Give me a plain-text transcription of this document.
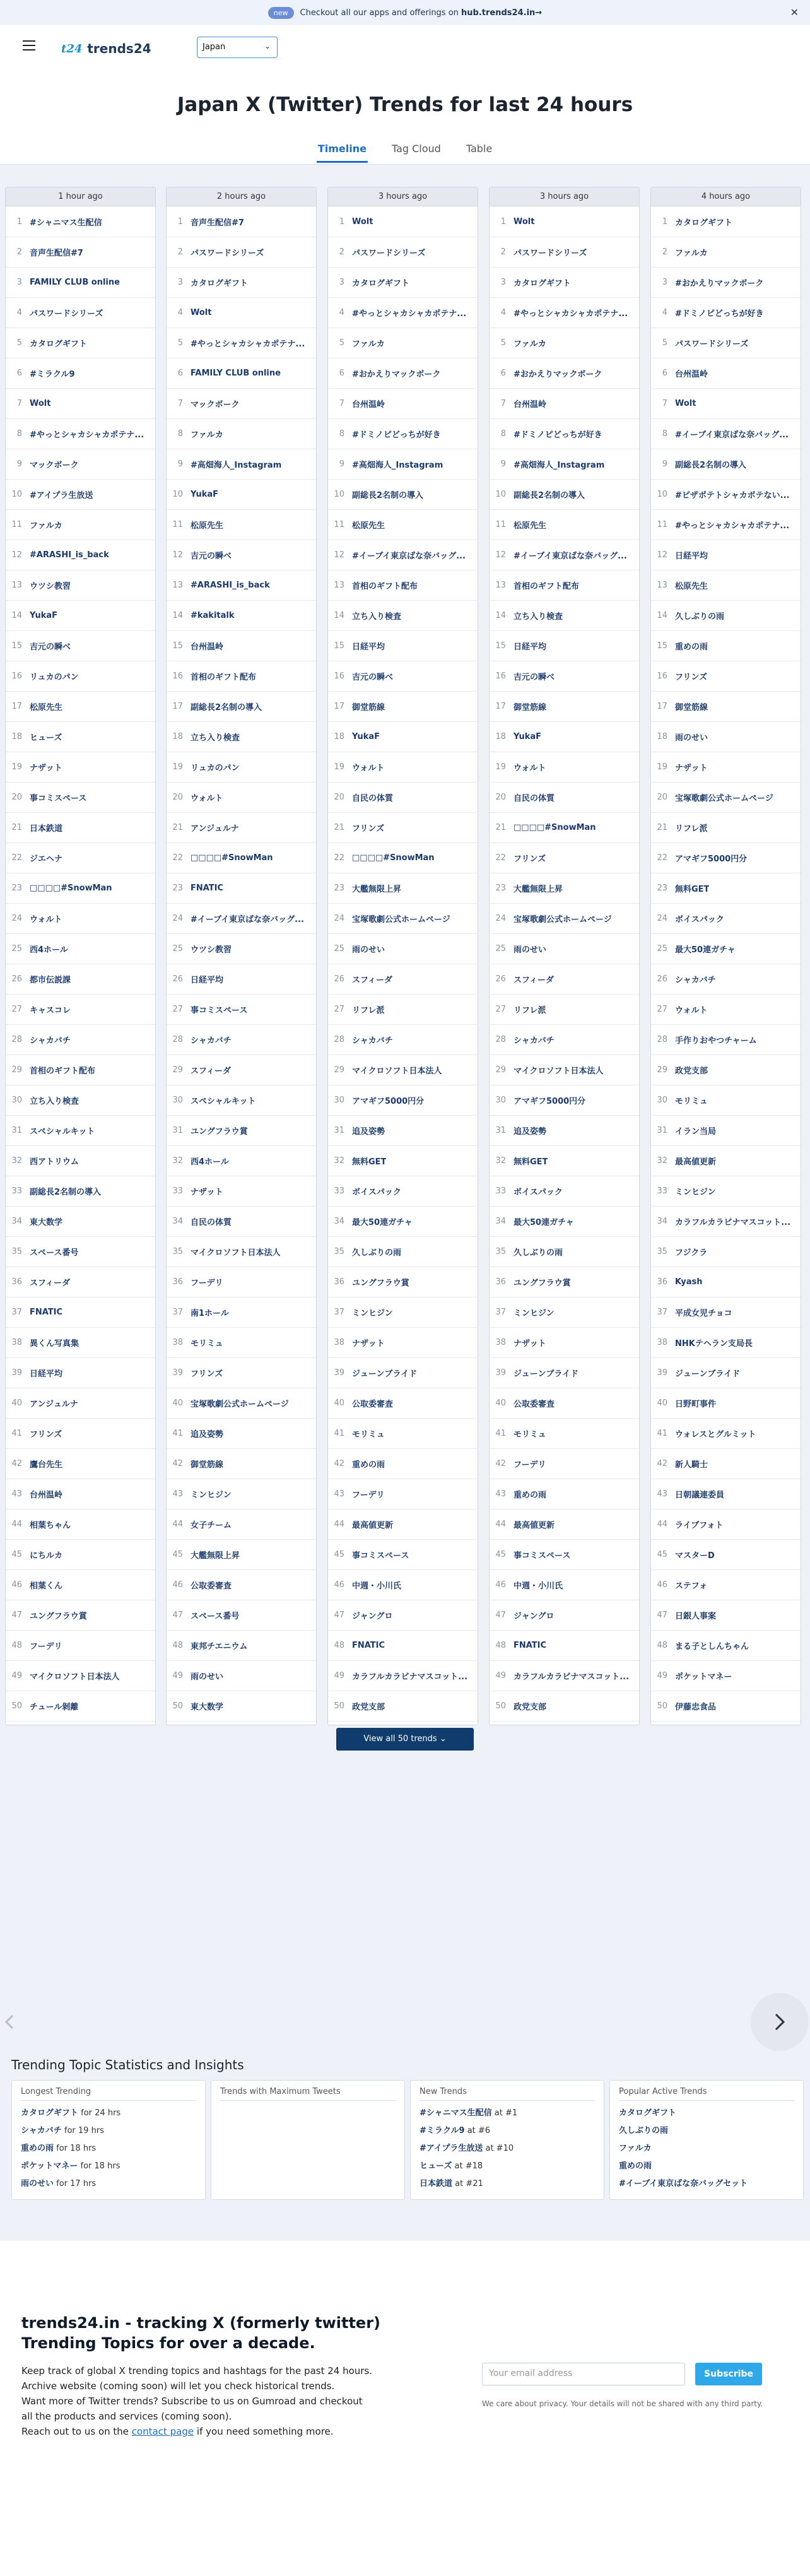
new	Checkout all our apps and offerings on hub.trends24.in→	✕
t24 trends24	Japan	⌄
Japan X (Twitter) Trends for last 24 hours
Timeline	Tag Cloud	Table
1 hour ago
1 #シャニマス生配信
2 音声生配信#7
3 FAMILY CLUB online
4 パスワードシリーズ
5 カタログギフト
6 #ミラクル9
7 Wolt
8 #やっとシャカシャカポテナ...
9 マックボーク
10 #アイプラ生放送
11 ファルカ
12 #ARASHI_is_back
13 ウツシ教習
14 YukaF
15 吉元の瞬べ
16 リュカのパン
17 松原先生
18 ヒューズ
19 ナザット
20 事コミスペース
21 日本鉄道
22 ジエヘナ
23 □□□□#SnowMan
24 ウォルト
25 西4ホール
26 都市伝説課
27 キャスコレ
28 シャカバチ
29 首相のギフト配布
30 立ち入り検査
31 スペシャルキット
32 西アトリウム
33 副総長2名制の導入
34 東大数学
35 スペース番号
36 スフィーダ
37 FNATIC
38 異くん写真集
39 日経平均
40 アンジュルナ
41 フリンズ
42 鷹台先生
43 台州温岭
44 相葉ちゃん
45 にちルカ
46 相葉くん
47 ユングフラウ賞
48 フーデリ
49 マイクロソフト日本法人
50 チュール剝離
2 hours ago
1 音声生配信#7
2 パスワードシリーズ
3 カタログギフト
4 Wolt
5 #やっとシャカシャカポテナ...
6 FAMILY CLUB online
7 マックボーク
8 ファルカ
9 #高畑海人_Instagram
10 YukaF
11 松原先生
12 吉元の瞬べ
13 #ARASHI_is_back
14 #kakitalk
15 台州温岭
16 首相のギフト配布
17 副総長2名制の導入
18 立ち入り検査
19 リュカのパン
20 ウォルト
21 アンジュルナ
22 □□□□#SnowMan
23 FNATIC
24 #イーブイ東京ばな奈バッグ...
25 ウツシ教習
26 日経平均
27 事コミスペース
28 シャカバチ
29 スフィーダ
30 スペシャルキット
31 ユングフラウ賞
32 西4ホール
33 ナザット
34 自民の体質
35 マイクロソフト日本法人
36 フーデリ
37 南1ホール
38 モリミュ
39 フリンズ
40 宝塚歌劇公式ホームページ
41 追及姿勢
42 御堂筋線
43 ミンヒジン
44 女子チーム
45 大艦無限上昇
46 公取委審査
47 スペース番号
48 東邦チエニウム
49 雨のせい
50 東大数学
3 hours ago
1 Wolt
2 パスワードシリーズ
3 カタログギフト
4 #やっとシャカシャカポテナ...
5 ファルカ
6 #おかえりマックボーク
7 台州温岭
8 #ドミノピどっちが好き
9 #高畑海人_Instagram
10 副総長2名制の導入
11 松原先生
12 #イーブイ東京ばな奈バッグ...
13 首相のギフト配布
14 立ち入り検査
15 日経平均
16 吉元の瞬べ
17 御堂筋線
18 YukaF
19 ウォルト
20 自民の体質
21 フリンズ
22 □□□□#SnowMan
23 大艦無限上昇
24 宝塚歌劇公式ホームページ
25 雨のせい
26 スフィーダ
27 リフレ派
28 シャカバチ
29 マイクロソフト日本法人
30 アマギフ5000円分
31 追及姿勢
32 無料GET
33 ボイスパック
34 最大50連ガチャ
35 久しぶりの雨
36 ユングフラウ賞
37 ミンヒジン
38 ナザット
39 ジューンブライド
40 公取委審査
41 モリミュ
42 重めの雨
43 フーデリ
44 最高値更新
45 事コミスペース
46 中週・小川氏
47 ジャングロ
48 FNATIC
49 カラフルカラビナマスコット...
50 政党支部
3 hours ago
1 Wolt
2 パスワードシリーズ
3 カタログギフト
4 #やっとシャカシャカポテナ...
5 ファルカ
6 #おかえりマックボーク
7 台州温岭
8 #ドミノピどっちが好き
9 #高畑海人_Instagram
10 副総長2名制の導入
11 松原先生
12 #イーブイ東京ばな奈バッグ...
13 首相のギフト配布
14 立ち入り検査
15 日経平均
16 吉元の瞬べ
17 御堂筋線
18 YukaF
19 ウォルト
20 自民の体質
21 □□□□#SnowMan
22 フリンズ
23 大艦無限上昇
24 宝塚歌劇公式ホームページ
25 雨のせい
26 スフィーダ
27 リフレ派
28 シャカバチ
29 マイクロソフト日本法人
30 アマギフ5000円分
31 追及姿勢
32 無料GET
33 ボイスパック
34 最大50連ガチャ
35 久しぶりの雨
36 ユングフラウ賞
37 ミンヒジン
38 ナザット
39 ジューンブライド
40 公取委審査
41 モリミュ
42 フーデリ
43 重めの雨
44 最高値更新
45 事コミスペース
46 中週・小川氏
47 ジャングロ
48 FNATIC
49 カラフルカラビナマスコット...
50 政党支部
4 hours ago
1 カタログギフト
2 ファルカ
3 #おかえりマックボーク
4 #ドミノピどっちが好き
5 パスワードシリーズ
6 台州温岭
7 Wolt
8 #イーブイ東京ばな奈バッグ...
9 副総長2名制の導入
10 #ピザポテトシャカポテない...
11 #やっとシャカシャカポテナ...
12 日経平均
13 松原先生
14 久しぶりの雨
15 重めの雨
16 フリンズ
17 御堂筋線
18 雨のせい
19 ナザット
20 宝塚歌劇公式ホームページ
21 リフレ派
22 アマギフ5000円分
23 無料GET
24 ボイスパック
25 最大50連ガチャ
26 シャカバチ
27 ウォルト
28 手作りおやつチャーム
29 政党支部
30 モリミュ
31 イラン当局
32 最高値更新
33 ミンヒジン
34 カラフルカラビナマスコット...
35 フジクラ
36 Kyash
37 平成女児チョコ
38 NHKテヘラン支局長
39 ジューンブライド
40 日野町事件
41 ウォレスとグルミット
42 新人騎士
43 日朝議連委員
44 ライブフォト
45 マスターD
46 ステフォ
47 日銀人事案
48 まる子としんちゃん
49 ポケットマネー
50 伊藤忠食品
View all 50 trends ⌄
Trending Topic Statistics and Insights
Longest Trending
カタログギフト for 24 hrs
シャカバチ for 19 hrs
重めの雨 for 18 hrs
ポケットマネー for 18 hrs
雨のせい for 17 hrs
Trends with Maximum Tweets	New Trends
#シャニマス生配信 at #1
#ミラクル9 at #6
#アイプラ生放送 at #10
ヒューズ at #18
日本鉄道 at #21
Popular Active Trends
カタログギフト
久しぶりの雨
ファルカ
重めの雨
#イーブイ東京ばな奈バッグセット
trends24.in - tracking X (formerly twitter) Trending Topics for over a decade.
Keep track of global X trending topics and hashtags for the past 24 hours.
Archive website (coming soon) will let you check historical trends.
Want more of Twitter trends? Subscribe to us on Gumroad and checkout all the products and services (coming soon).
Reach out to us on the contact page if you need something more.
Your email address	Subscribe
We care about privacy. Your details will not be shared with any third party.
